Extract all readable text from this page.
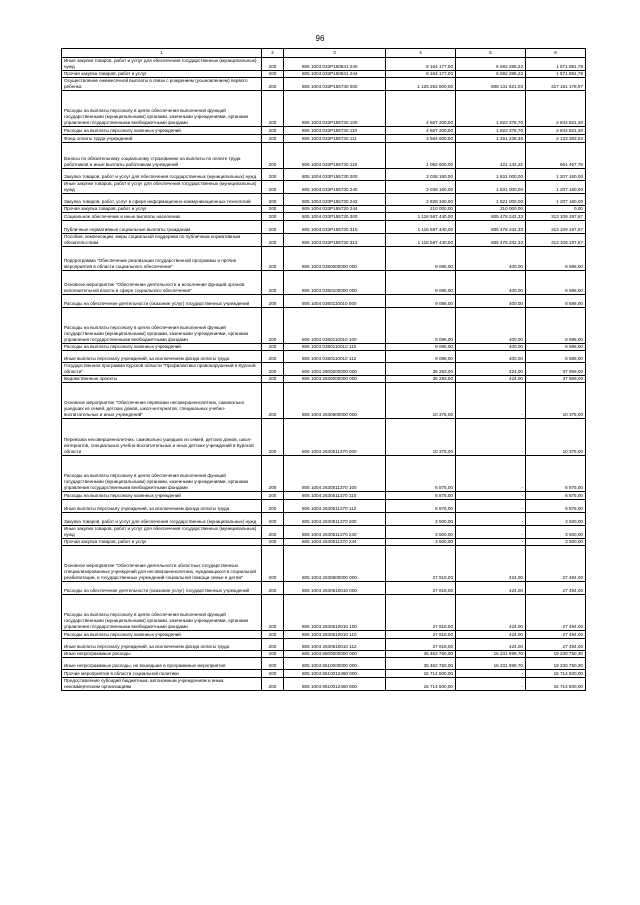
96
1	2	3	4	5	6
Иные закупки товаров, работ и услуг для обеспечения государственных (муниципальных) нужд	200	805 1004 033Р150841 240	8 164 177,00	6 592 285,22	1 571 891,78
Прочая закупка товаров, работ и услуг	200	805 1004 033Р150841 244	8 164 177,00	6 592 285,22	1 571 891,78
Осуществление ежемесячной выплаты в связи с рождением (усыновлением) первого ребенка	200	805 1004 033Р155730 000	1 125 292 800,00	808 131 621,03	317 161 178,97
Расходы на выплаты персоналу в целях обеспечения выполнения функций государственными (муниципальными) органами, казенными учреждениями, органами управления государственными внебюджетными фондами	200	805 1004 033Р155730 100	4 667 200,00	1 822 378,70	2 844 821,30
Расходы на выплаты персоналу казенных учреждений	200	805 1004 033Р155730 110	4 667 200,00	1 822 378,70	2 844 821,30
Фонд оплаты труда учреждений	200	805 1004 033Р155730 111	3 584 600,00	1 451 236,48	2 133 363,52
Взносы по обязательному социальному страхованию на выплаты по оплате труда работников и иные выплаты работникам учреждений	200	805 1004 033Р155730 119	1 082 600,00	421 142,22	661 457,78
Закупка товаров, работ и услуг для обеспечения государственных (муниципальных) нужд	200	805 1004 033Р155730 200	3 038 160,00	1 831 000,00	1 207 160,00
Иные закупки товаров, работ и услуг для обеспечения государственных (муниципальных) нужд	200	805 1004 033Р155730 240	3 038 160,00	1 831 000,00	1 207 160,00
Закупка товаров, работ, услуг в сфере информационно-коммуникационных технологий	200	805 1004 033Р155730 242	2 828 160,00	1 621 000,00	1 207 160,00
Прочая закупка товаров, работ и услуг	200	805 1004 033Р155730 244	210 000,00	210 000,00	0,00
Социальное обеспечение и иные выплаты населению	200	805 1004 033Р155730 300	1 118 587 440,00	805 478 242,33	313 109 197,67
Публичные нормативные социальные выплаты гражданам	200	805 1004 033Р155730 310	1 118 587 440,00	805 478 242,33	313 109 197,67
Пособия, компенсации, меры социальной поддержки по публичным нормативным обязательствам	200	805 1004 033Р155730 313	1 118 587 440,00	805 478 242,33	313 109 197,67
Подпрограмма "Обеспечение реализации государственной программы и прочие мероприятия в области социального обеспечения"	200	805 1004 0360000000 000	9 086,00	400,00	8 686,00
Основное мероприятие "Обеспечение деятельности и исполнение функций органов исполнительной власти в сфере социального обеспечения"	200	805 1004 0360100000 000	9 086,00	400,00	8 686,00
Расходы на обеспечение деятельности (оказание услуг) государственных учреждений	200	805 1004 0360110010 000	9 086,00	400,00	8 686,00
Расходы на выплаты персоналу в целях обеспечения выполнения функций государственными (муниципальными) органами, казенными учреждениями, органами управления государственными внебюджетными фондами	200	805 1004 0360110010 100	9 086,00	400,00	8 686,00
Расходы на выплаты персоналу казенных учреждений	200	805 1004 0360110010 110	9 086,00	400,00	8 686,00
Иные выплаты персоналу учреждений, за исключением фонда оплаты труда	200	805 1004 0360110010 112	9 086,00	400,00	8 686,00
Государственная программа Курской области "Профилактика правонарушений в Курской области"	200	805 1004 2600000000 000	38 293,00	424,00	37 869,00
Ведомственные проекты	200	805 1004 2630000000 000	38 293,00	424,00	37 869,00
Основное мероприятие "Обеспечение перевозки несовершеннолетних, самовольно ушедших из семей, детских домов, школ-интернатов, специальных учебно-воспитательных и иных учреждений"	200	805 1004 2630500000 000	10 375,00	-	10 375,00
Перевозка несовершеннолетних, самовольно ушедших из семей, детских домов, школ-интернатов, специальных учебно-воспитательных и иных детских учреждений в Курской области	200	805 1004 2630511370 000	10 375,00	-	10 375,00
Расходы на выплаты персоналу в целях обеспечения выполнения функций государственными (муниципальными) органами, казенными учреждениями, органами управления государственными внебюджетными фондами	200	805 1004 2630511370 100	6 875,00	-	6 875,00
Расходы на выплаты персоналу казенных учреждений	200	805 1004 2630511370 110	6 875,00	-	6 875,00
Иные выплаты персоналу учреждений, за исключением фонда оплаты труда	200	805 1004 2630511370 112	6 875,00	-	6 875,00
Закупка товаров, работ и услуг для обеспечения государственных (муниципальных) нужд	200	805 1004 2630511370 200	3 500,00	-	3 500,00
Иные закупки товаров, работ и услуг для обеспечения государственных (муниципальных) нужд	200	805 1004 2630511370 240	3 500,00	-	3 500,00
Прочая закупка товаров, работ и услуг	200	805 1004 2630511370 244	3 500,00	-	3 500,00
Основное мероприятие "Обеспечение деятельности областных государственных специализированных учреждений для несовершеннолетних, нуждающихся в социальной реабилитации, и государственных учреждений социальной помощи семье и детям"	200	805 1004 2630600000 000	27 918,00	424,00	27 494,00
Расходы на обеспечение деятельности (оказание услуг) государственных учреждений	200	805 1004 2630610010 000	27 918,00	424,00	27 494,00
Расходы на выплаты персоналу в целях обеспечения выполнения функций государственными (муниципальными) органами, казенными учреждениями, органами управления государственными внебюджетными фондами	200	805 1004 2630610010 100	27 918,00	424,00	27 494,00
Расходы на выплаты персоналу казенных учреждений	200	805 1004 2630610010 110	27 918,00	424,00	27 494,00
Иные выплаты персоналу учреждений, за исключением фонда оплаты труда	200	805 1004 2630610010 112	27 918,00	424,00	27 494,00
Иные непрограммные расходы	200	805 1004 8600000000 000	35 462 750,00	16 231 999,70	19 230 750,30
Иные непрограммные расходы, не вошедшие в программные мероприятия	200	805 1004 8610000000 000	35 462 750,00	16 231 999,70	19 230 750,30
Прочие мероприятия в области социальной политики	200	805 1004 8610012460 000	15 714 500,00	-	15 714 500,00
Предоставление субсидий бюджетным, автономным учреждениям и иным некоммерческим организациям	200	805 1004 8610012460 600	15 714 500,00	-	15 714 500,00
